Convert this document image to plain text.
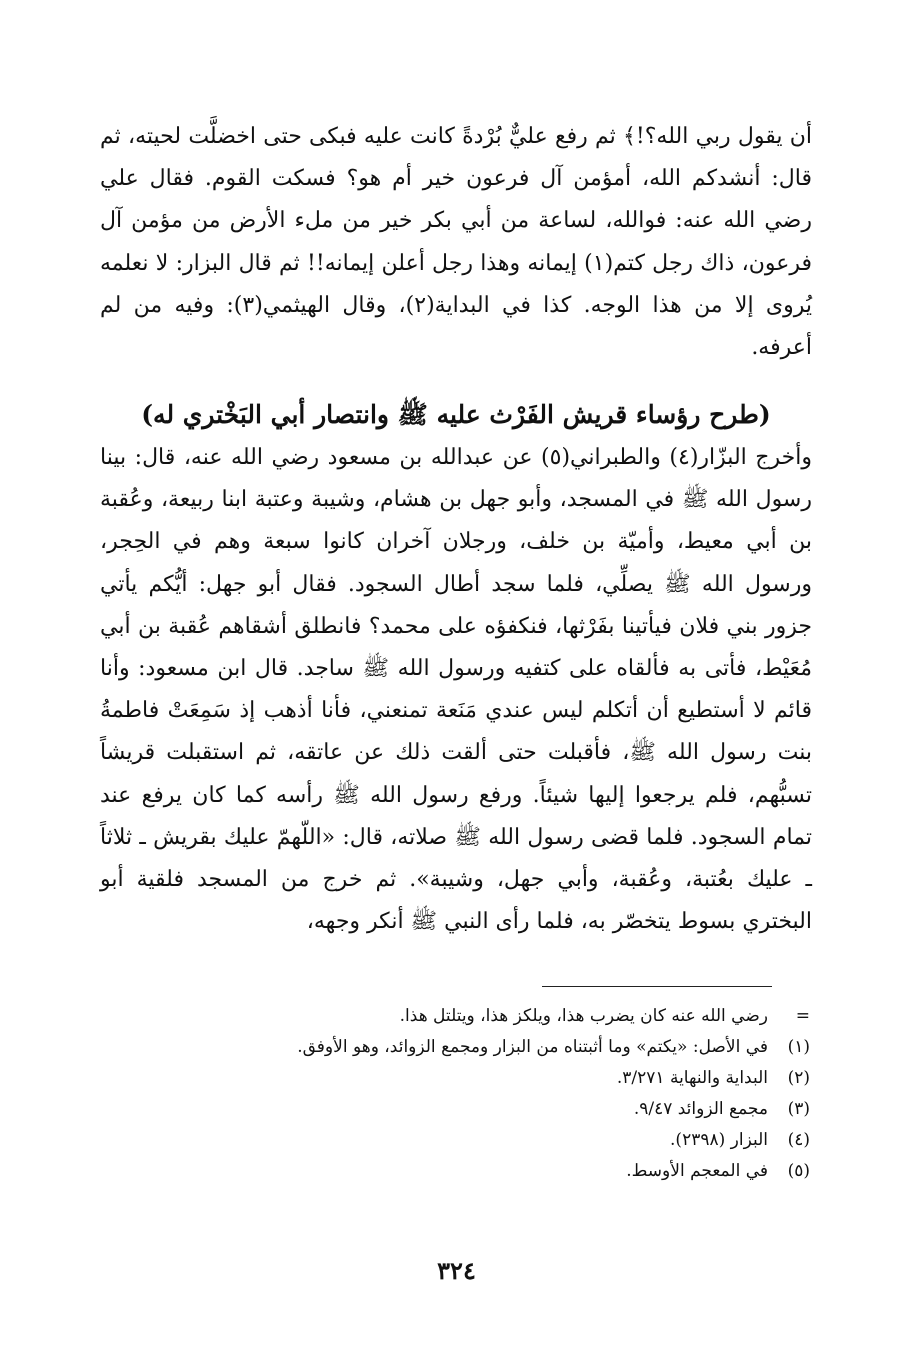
أن يقول ربي الله؟!﴾ ثم رفع عليٌّ بُرْدةً كانت عليه فبكى حتى اخضلَّت لحيته، ثم قال: أنشدكم الله، أمؤمن آل فرعون خير أم هو؟ فسكت القوم. فقال علي رضي الله عنه: فوالله، لساعة من أبي بكر خير من ملء الأرض من مؤمن آل فرعون، ذاك رجل كتم(١) إيمانه وهذا رجل أعلن إيمانه!! ثم قال البزار: لا نعلمه يُروى إلا من هذا الوجه. كذا في البداية(٢)، وقال الهيثمي(٣): وفيه من لم أعرفه.

(طرح رؤساء قريش الفَرْث عليه ﷺ وانتصار أبي البَخْتري له)

وأخرج البزّار(٤) والطبراني(٥) عن عبدالله بن مسعود رضي الله عنه، قال: بينا رسول الله ﷺ في المسجد، وأبو جهل بن هشام، وشيبة وعتبة ابنا ربيعة، وعُقبة بن أبي معيط، وأميّة بن خلف، ورجلان آخران كانوا سبعة وهم في الحِجر، ورسول الله ﷺ يصلِّي، فلما سجد أطال السجود. فقال أبو جهل: أيُّكم يأتي جزور بني فلان فيأتينا بفَرْثها، فنكفؤه على محمد؟ فانطلق أشقاهم عُقبة بن أبي مُعَيْط، فأتى به فألقاه على كتفيه ورسول الله ﷺ ساجد. قال ابن مسعود: وأنا قائم لا أستطيع أن أتكلم ليس عندي مَنَعة تمنعني، فأنا أذهب إذ سَمِعَتْ فاطمةُ بنت رسول الله ﷺ، فأقبلت حتى ألقت ذلك عن عاتقه، ثم استقبلت قريشاً تسبُّهم، فلم يرجعوا إليها شيئاً. ورفع رسول الله ﷺ رأسه كما كان يرفع عند تمام السجود. فلما قضى رسول الله ﷺ صلاته، قال: «اللّهمّ عليك بقريش ـ ثلاثاً ـ عليك بعُتبة، وعُقبة، وأبي جهل، وشيبة». ثم خرج من المسجد فلقية أبو البختري بسوط يتخصّر به، فلما رأى النبي ﷺ أنكر وجهه،

=
رضي الله عنه كان يضرب هذا، ويلكز هذا، ويتلتل هذا.
(١)
في الأصل: «يكتم» وما أثبتناه من البزار ومجمع الزوائد، وهو الأوفق.
(٢)
البداية والنهاية ٣/٢٧١.
(٣)
مجمع الزوائد ٩/٤٧.
(٤)
البزار (٢٣٩٨).
(٥)
في المعجم الأوسط.
٣٢٤
